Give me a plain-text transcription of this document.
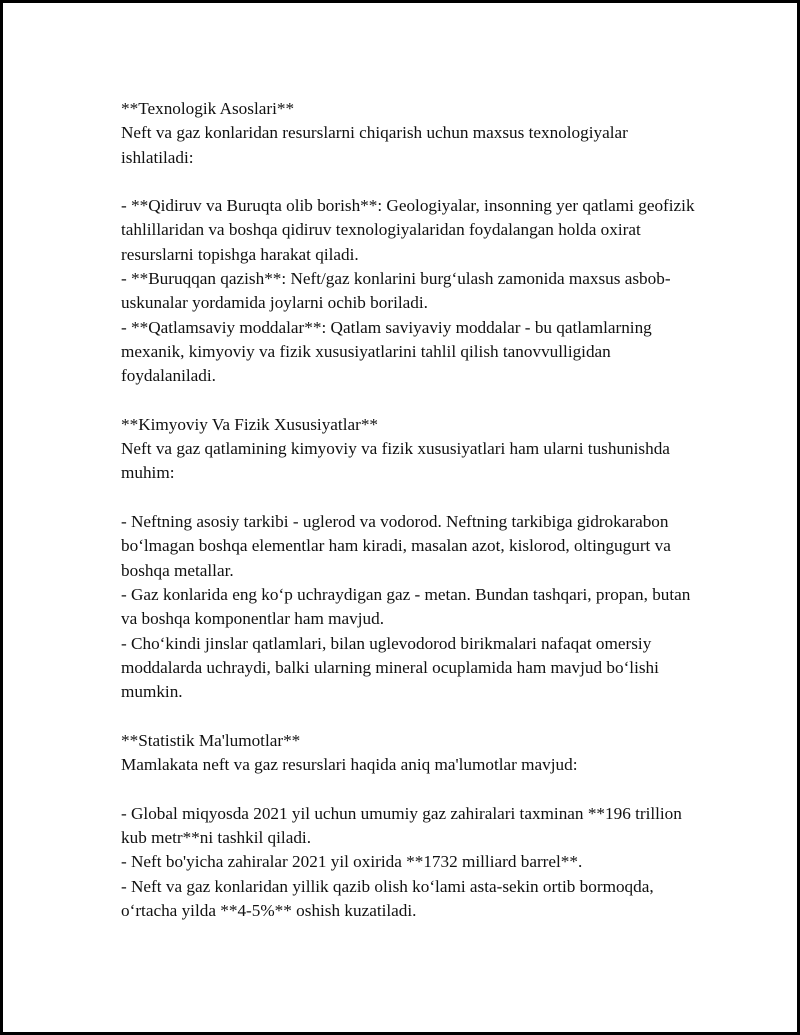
**Texnologik Asoslari**

Neft va gaz konlaridan resurslarni chiqarish uchun maxsus texnologiyalar ishlatiladi:

- **Qidiruv va Buruqta olib borish**: Geologiyalar, insonning yer qatlami geofizik tahlillaridan va boshqa qidiruv texnologiyalaridan foydalangan holda oxirat resurslarni topishga harakat qiladi.

- **Buruqqan qazish**: Neft/gaz konlarini burg‘ulash zamonida maxsus asbob-uskunalar yordamida joylarni ochib boriladi.

- **Qatlamsaviy moddalar**: Qatlam saviyaviy moddalar - bu qatlamlarning mexanik, kimyoviy va fizik xususiyatlarini tahlil qilish tanovvulligidan foydalaniladi.

**Kimyoviy Va Fizik Xususiyatlar**

Neft va gaz qatlamining kimyoviy va fizik xususiyatlari ham ularni tushunishda muhim:

- Neftning asosiy tarkibi - uglerod va vodorod. Neftning tarkibiga gidrokarabon bo‘lmagan boshqa elementlar ham kiradi, masalan azot, kislorod, oltingugurt va boshqa metallar.

- Gaz konlarida eng ko‘p uchraydigan gaz - metan. Bundan tashqari, propan, butan va boshqa komponentlar ham mavjud.

- Cho‘kindi jinslar qatlamlari, bilan uglevodorod birikmalari nafaqat omersiy moddalarda uchraydi, balki ularning mineral ocuplamida ham mavjud bo‘lishi mumkin.

**Statistik Ma'lumotlar**

Mamlakata neft va gaz resurslari haqida aniq ma'lumotlar mavjud:

- Global miqyosda 2021 yil uchun umumiy gaz zahiralari taxminan **196 trillion kub metr**ni tashkil qiladi.

- Neft bo'yicha zahiralar 2021 yil oxirida **1732 milliard barrel**.

- Neft va gaz konlaridan yillik qazib olish ko‘lami asta-sekin ortib bormoqda, o‘rtacha yilda **4-5%** oshish kuzatiladi.
